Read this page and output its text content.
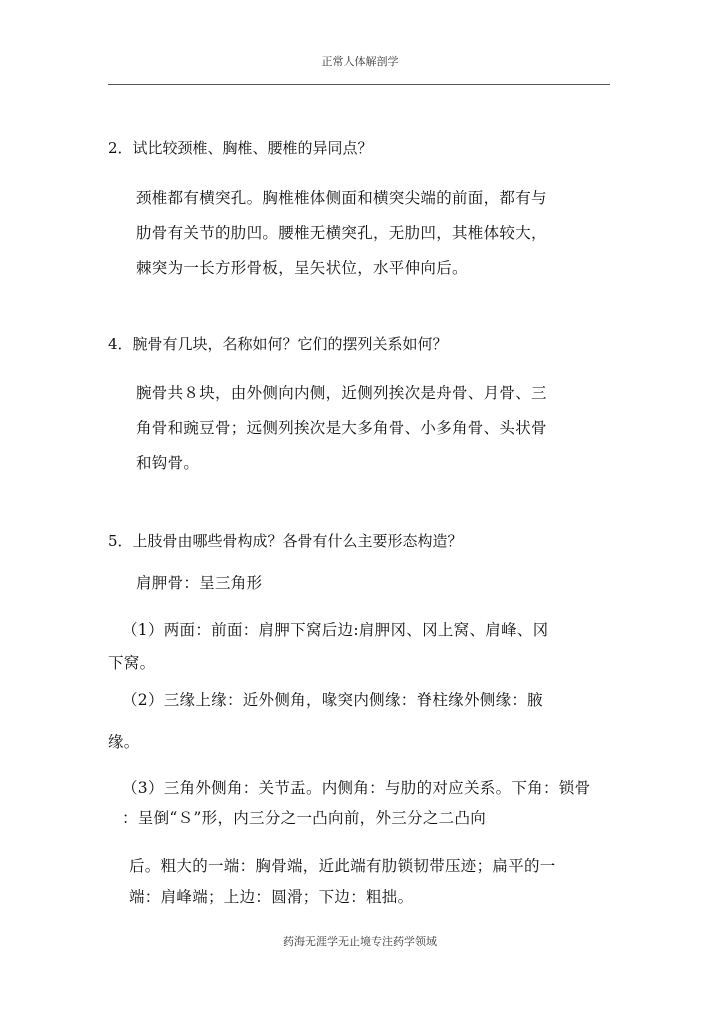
正常人体解剖学
2．试比较颈椎、胸椎、腰椎的异同点？
颈椎都有横突孔。胸椎椎体侧面和横突尖端的前面，都有与
肋骨有关节的肋凹。腰椎无横突孔，无肋凹，其椎体较大，
棘突为一长方形骨板，呈矢状位，水平伸向后。
4．腕骨有几块，名称如何？它们的摆列关系如何？
腕骨共８块，由外侧向内侧，近侧列挨次是舟骨、月骨、三
角骨和豌豆骨；远侧列挨次是大多角骨、小多角骨、头状骨
和钩骨。
5．上肢骨由哪些骨构成？各骨有什么主要形态构造？
肩胛骨：呈三角形
（1）两面：前面：肩胛下窝后边:肩胛冈、冈上窝、肩峰、冈
下窝。
（2）三缘上缘：近外侧角，喙突内侧缘：脊柱缘外侧缘：腋
缘。
（3）三角外侧角：关节盂。内侧角：与肋的对应关系。下角：锁骨
：呈倒“Ｓ”形，内三分之一凸向前，外三分之二凸向
后。粗大的一端：胸骨端，近此端有肋锁韧带压迹；扁平的一
端：肩峰端；上边：圆滑；下边：粗拙。
药海无涯学无止境专注药学领域
